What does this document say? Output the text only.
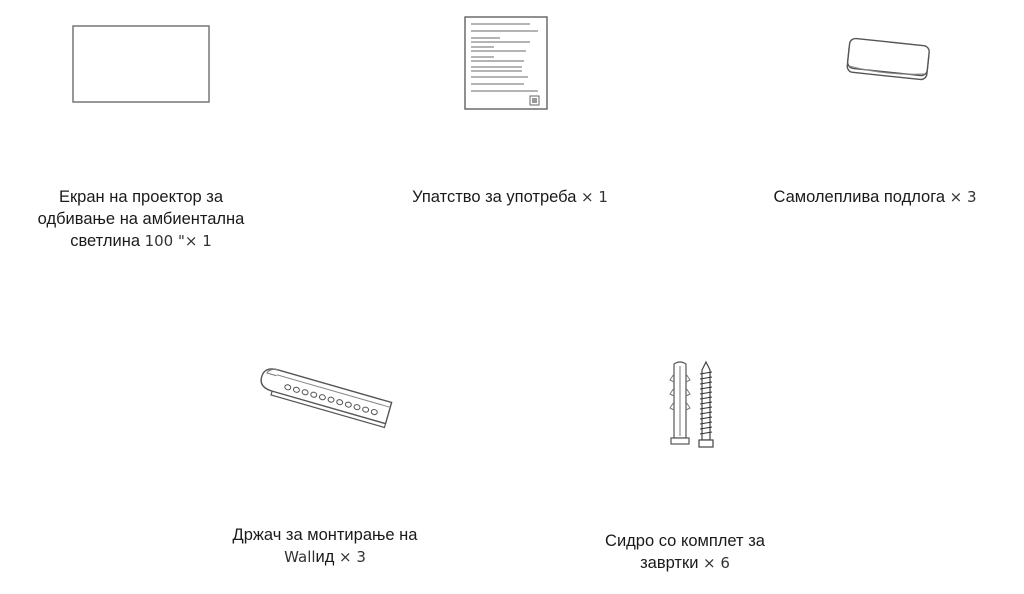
Екран на проектор за
одбивање на амбиентална
светлина 100 "× 1
Упатство за употреба × 1	Самолеплива подлога × 3
Држач за монтирање на
Wallид × 3
Сидро со комплет за
завртки × 6
